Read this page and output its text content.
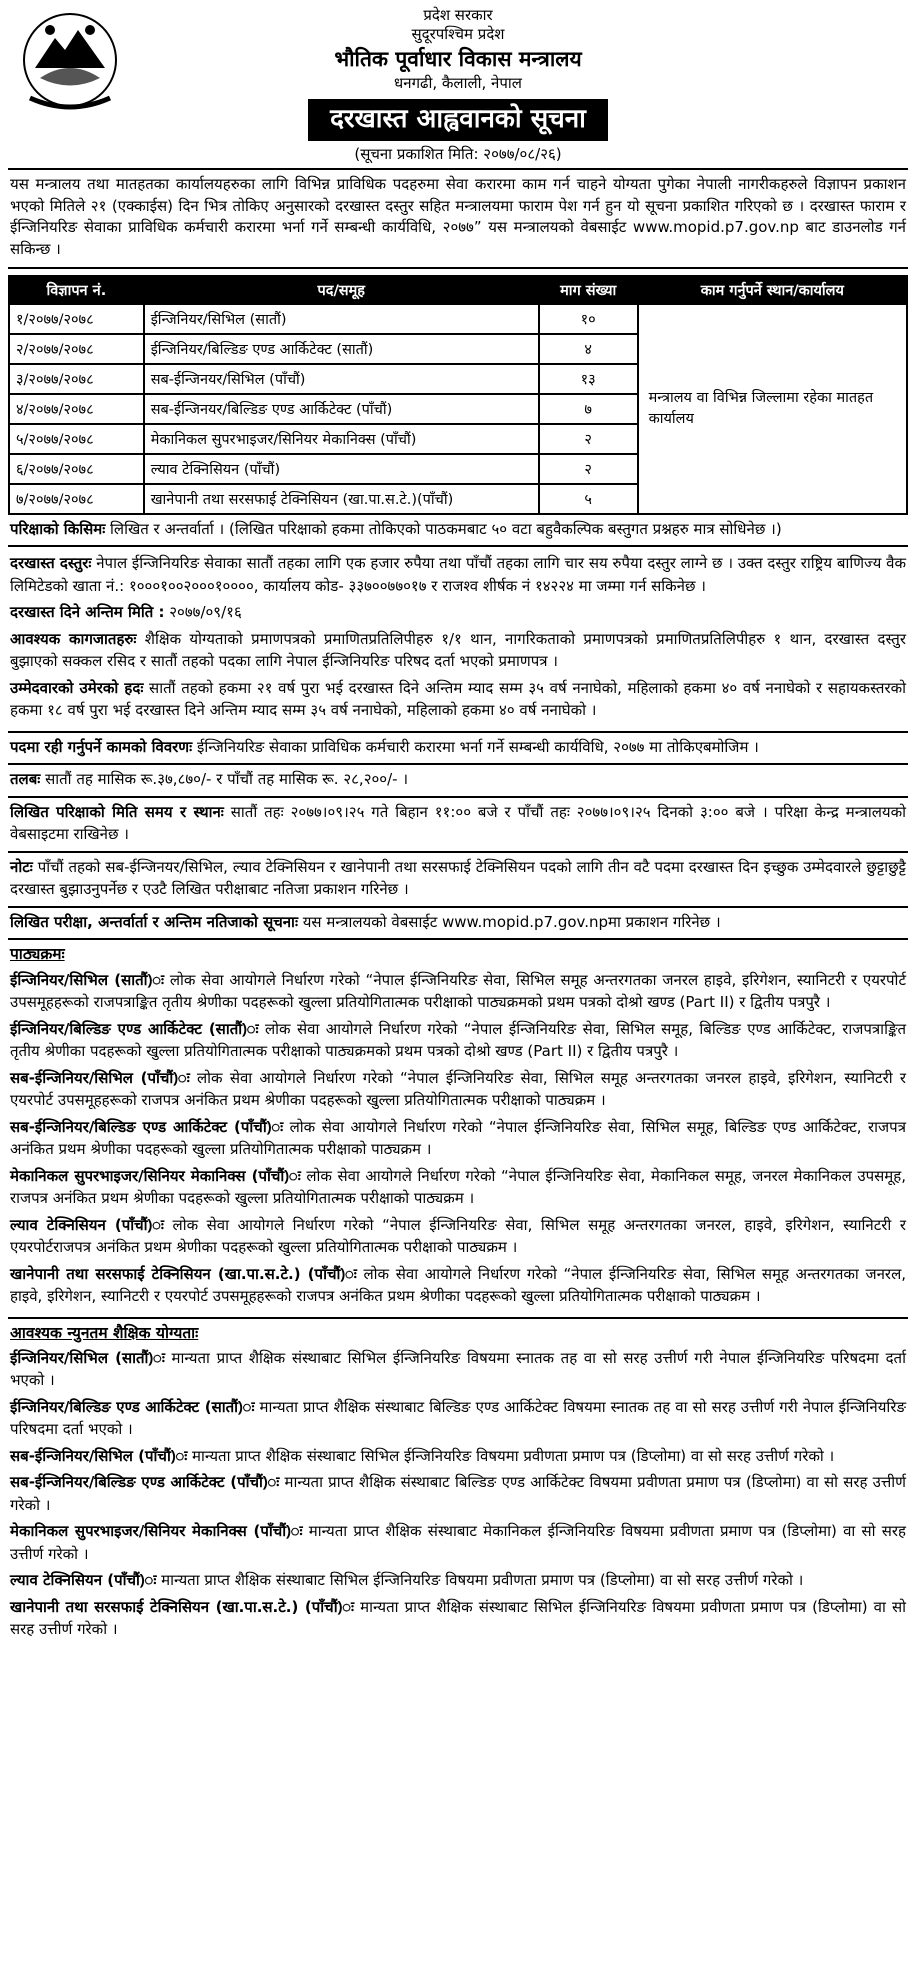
प्रदेश सरकार
सुदूरपश्चिम प्रदेश
भौतिक पूर्वाधार विकास मन्त्रालय
धनगढी, कैलाली, नेपाल
दरखास्त आह्ववानको सूचना
(सूचना प्रकाशित मिति: २०७७/०८/२६)
यस मन्त्रालय तथा मातहतका कार्यालयहरुका लागि विभिन्न प्राविधिक पदहरुमा सेवा करारमा काम गर्न चाहने योग्यता पुगेका नेपाली नागरीकहरुले विज्ञापन प्रकाशन भएको मितिले २१ (एक्काईस) दिन भित्र तोकिए अनुसारको दरखास्त दस्तुर सहित मन्त्रालयमा फाराम पेश गर्न हुन यो सूचना प्रकाशित गरिएको छ । दरखास्त फाराम र ईन्जिनियरिङ सेवाका प्राविधिक कर्मचारी करारमा भर्ना गर्ने सम्बन्धी कार्यविधि, २०७७” यस मन्त्रालयको वेबसाईट www.mopid.p7.gov.np बाट डाउनलोड गर्न सकिन्छ ।
विज्ञापन नं.	पद/समूह	माग संख्या	काम गर्नुपर्ने स्थान/कार्यालय
१/२०७७/२०७८	ईन्जिनियर/सिभिल (सातौं)	१०	मन्त्रालय वा विभिन्न जिल्लामा रहेका मातहत कार्यालय
२/२०७७/२०७८	ईन्जिनियर/बिल्डिङ एण्ड आर्किटेक्ट (सातौं)	४	
३/२०७७/२०७८	सब-ईन्जिनयर/सिभिल (पाँचौं)	१३	
४/२०७७/२०७८	सब-ईन्जिनयर/बिल्डिङ एण्ड आर्किटेक्ट (पाँचौं)	७	
५/२०७७/२०७८	मेकानिकल सुपरभाइजर/सिनियर मेकानिक्स (पाँचौं)	२	
६/२०७७/२०७८	ल्याव टेक्निसियन (पाँचौं)	२	
७/२०७७/२०७८	खानेपानी तथा सरसफाई टेक्निसियन (खा.पा.स.टे.)(पाँचौं)	५	
परिक्षाको किसिमः लिखित र अन्तर्वार्ता । (लिखित परिक्षाको हकमा तोकिएको पाठकमबाट ५० वटा बहुवैकल्पिक बस्तुगत प्रश्नहरु मात्र सोधिनेछ ।)
दरखास्त दस्तुरः नेपाल ईन्जिनियरिङ सेवाका सातौं तहका लागि एक हजार रुपैया तथा पाँचौं तहका लागि चार सय रुपैया दस्तुर लाग्ने छ । उक्त दस्तुर राष्ट्रिय बाणिज्य वैक लिमिटेडको खाता नं.: १०००१००२०००१००००, कार्यालय कोड- ३३७००७७०१७ र राजश्व शीर्षक नं १४२२४ मा जम्मा गर्न सकिनेछ ।
दरखास्त दिने अन्तिम मिति : २०७७/०९/१६
आवश्यक कागजातहरुः शैक्षिक योग्यताको प्रमाणपत्रको प्रमाणितप्रतिलिपीहरु १/१ थान, नागरिकताको प्रमाणपत्रको प्रमाणितप्रतिलिपीहरु १ थान, दरखास्त दस्तुर बुझाएको सक्कल रसिद र सातौं तहको पदका लागि नेपाल ईन्जिनियरिङ परिषद दर्ता भएको प्रमाणपत्र ।
उम्मेदवारको उमेरको हदः सातौं तहको हकमा २१ वर्ष पुरा भई दरखास्त दिने अन्तिम म्याद सम्म ३५ वर्ष ननाघेको, महिलाको हकमा ४० वर्ष ननाघेको र सहायकस्तरको हकमा १८ वर्ष पुरा भई दरखास्त दिने अन्तिम म्याद सम्म ३५ वर्ष ननाघेको, महिलाको हकमा ४० वर्ष ननाघेको ।
पदमा रही गर्नुपर्ने कामको विवरणः ईन्जिनियरिङ सेवाका प्राविधिक कर्मचारी करारमा भर्ना गर्ने सम्बन्धी कार्यविधि, २०७७ मा तोकिएबमोजिम ।
तलबः सातौं तह मासिक रू.३७,८७०/- र पाँचौं तह मासिक रू. २८,२००/- ।
लिखित परिक्षाको मिति समय र स्थानः सातौं तहः २०७७।०९।२५ गते बिहान ११:०० बजे र पाँचौं तहः २०७७।०९।२५ दिनको ३:०० बजे । परिक्षा केन्द्र मन्त्रालयको वेबसाइटमा राखिनेछ ।
नोटः पाँचौं तहको सब-ईन्जिनयर/सिभिल, ल्याव टेक्निसियन र खानेपानी तथा सरसफाई टेक्निसियन पदको लागि तीन वटै पदमा दरखास्त दिन इच्छुक उम्मेदवारले छुट्टाछुट्टै दरखास्त बुझाउनुपर्नेछ र एउटै लिखित परीक्षाबाट नतिजा प्रकाशन गरिनेछ ।
लिखित परीक्षा, अन्तर्वार्ता र अन्तिम नतिजाको सूचनाः यस मन्त्रालयको वेबसाईट www.mopid.p7.gov.npमा प्रकाशन गरिनेछ ।
पाठ्यक्रमः
ईन्जिनियर/सिभिल (सातौं)ः लोक सेवा आयोगले निर्धारण गरेको “नेपाल ईन्जिनियरिङ सेवा, सिभिल समूह अन्तरगतका जनरल हाइवे, इरिगेशन, स्यानिटरी र एयरपोर्ट उपसमूहहरूको राजपत्राङ्कित तृतीय श्रेणीका पदहरूको खुल्ला प्रतियोगितात्मक परीक्षाको पाठ्यक्रमको प्रथम पत्रको दोश्रो खण्ड (Part II) र द्वितीय पत्रपुरै ।
ईन्जिनियर/बिल्डिङ एण्ड आर्किटेक्ट (सातौं)ः लोक सेवा आयोगले निर्धारण गरेको “नेपाल ईन्जिनियरिङ सेवा, सिभिल समूह, बिल्डिङ एण्ड आर्किटेक्ट, राजपत्राङ्कित तृतीय श्रेणीका पदहरूको खुल्ला प्रतियोगितात्मक परीक्षाको पाठ्यक्रमको प्रथम पत्रको दोश्रो खण्ड (Part II) र द्वितीय पत्रपुरै ।
सब-ईन्जिनियर/सिभिल (पाँचौं)ः लोक सेवा आयोगले निर्धारण गरेको “नेपाल ईन्जिनियरिङ सेवा, सिभिल समूह अन्तरगतका जनरल हाइवे, इरिगेशन, स्यानिटरी र एयरपोर्ट उपसमूहहरूको राजपत्र अनंकित प्रथम श्रेणीका पदहरूको खुल्ला प्रतियोगितात्मक परीक्षाको पाठ्यक्रम ।
सब-ईन्जिनियर/बिल्डिङ एण्ड आर्किटेक्ट (पाँचौं)ः लोक सेवा आयोगले निर्धारण गरेको “नेपाल ईन्जिनियरिङ सेवा, सिभिल समूह, बिल्डिङ एण्ड आर्किटेक्ट, राजपत्र अनंकित प्रथम श्रेणीका पदहरूको खुल्ला प्रतियोगितात्मक परीक्षाको पाठ्यक्रम ।
मेकानिकल सुपरभाइजर/सिनियर मेकानिक्स (पाँचौं)ः लोक सेवा आयोगले निर्धारण गरेको “नेपाल ईन्जिनियरिङ सेवा, मेकानिकल समूह, जनरल मेकानिकल उपसमूह, राजपत्र अनंकित प्रथम श्रेणीका पदहरूको खुल्ला प्रतियोगितात्मक परीक्षाको पाठ्यक्रम ।
ल्याव टेक्निसियन (पाँचौं)ः लोक सेवा आयोगले निर्धारण गरेको “नेपाल ईन्जिनियरिङ सेवा, सिभिल समूह अन्तरगतका जनरल, हाइवे, इरिगेशन, स्यानिटरी र एयरपोर्टराजपत्र अनंकित प्रथम श्रेणीका पदहरूको खुल्ला प्रतियोगितात्मक परीक्षाको पाठ्यक्रम ।
खानेपानी तथा सरसफाई टेक्निसियन (खा.पा.स.टे.) (पाँचौं)ः लोक सेवा आयोगले निर्धारण गरेको “नेपाल ईन्जिनियरिङ सेवा, सिभिल समूह अन्तरगतका जनरल, हाइवे, इरिगेशन, स्यानिटरी र एयरपोर्ट उपसमूहहरूको राजपत्र अनंकित प्रथम श्रेणीका पदहरूको खुल्ला प्रतियोगितात्मक परीक्षाको पाठ्यक्रम ।
आवश्यक न्युनतम शैक्षिक योग्यताः
ईन्जिनियर/सिभिल (सातौं)ः मान्यता प्राप्त शैक्षिक संस्थाबाट सिभिल ईन्जिनियरिङ विषयमा स्नातक तह वा सो सरह उत्तीर्ण गरी नेपाल ईन्जिनियरिङ परिषदमा दर्ता भएको ।
ईन्जिनियर/बिल्डिङ एण्ड आर्किटेक्ट (सातौं)ः मान्यता प्राप्त शैक्षिक संस्थाबाट बिल्डिङ एण्ड आर्किटेक्ट विषयमा स्नातक तह वा सो सरह उत्तीर्ण गरी नेपाल ईन्जिनियरिङ परिषदमा दर्ता भएको ।
सब-ईन्जिनियर/सिभिल (पाँचौं)ः मान्यता प्राप्त शैक्षिक संस्थाबाट सिभिल ईन्जिनियरिङ विषयमा प्रवीणता प्रमाण पत्र (डिप्लोमा) वा सो सरह उत्तीर्ण गरेको ।
सब-ईन्जिनियर/बिल्डिङ एण्ड आर्किटेक्ट (पाँचौं)ः मान्यता प्राप्त शैक्षिक संस्थाबाट बिल्डिङ एण्ड आर्किटेक्ट विषयमा प्रवीणता प्रमाण पत्र (डिप्लोमा) वा सो सरह उत्तीर्ण गरेको ।
मेकानिकल सुपरभाइजर/सिनियर मेकानिक्स (पाँचौं)ः मान्यता प्राप्त शैक्षिक संस्थाबाट मेकानिकल ईन्जिनियरिङ विषयमा प्रवीणता प्रमाण पत्र (डिप्लोमा) वा सो सरह उत्तीर्ण गरेको ।
ल्याव टेक्निसियन (पाँचौं)ः मान्यता प्राप्त शैक्षिक संस्थाबाट सिभिल ईन्जिनियरिङ विषयमा प्रवीणता प्रमाण पत्र (डिप्लोमा) वा सो सरह उत्तीर्ण गरेको ।
खानेपानी तथा सरसफाई टेक्निसियन (खा.पा.स.टे.) (पाँचौं)ः मान्यता प्राप्त शैक्षिक संस्थाबाट सिभिल ईन्जिनियरिङ विषयमा प्रवीणता प्रमाण पत्र (डिप्लोमा) वा सो सरह उत्तीर्ण गरेको ।
